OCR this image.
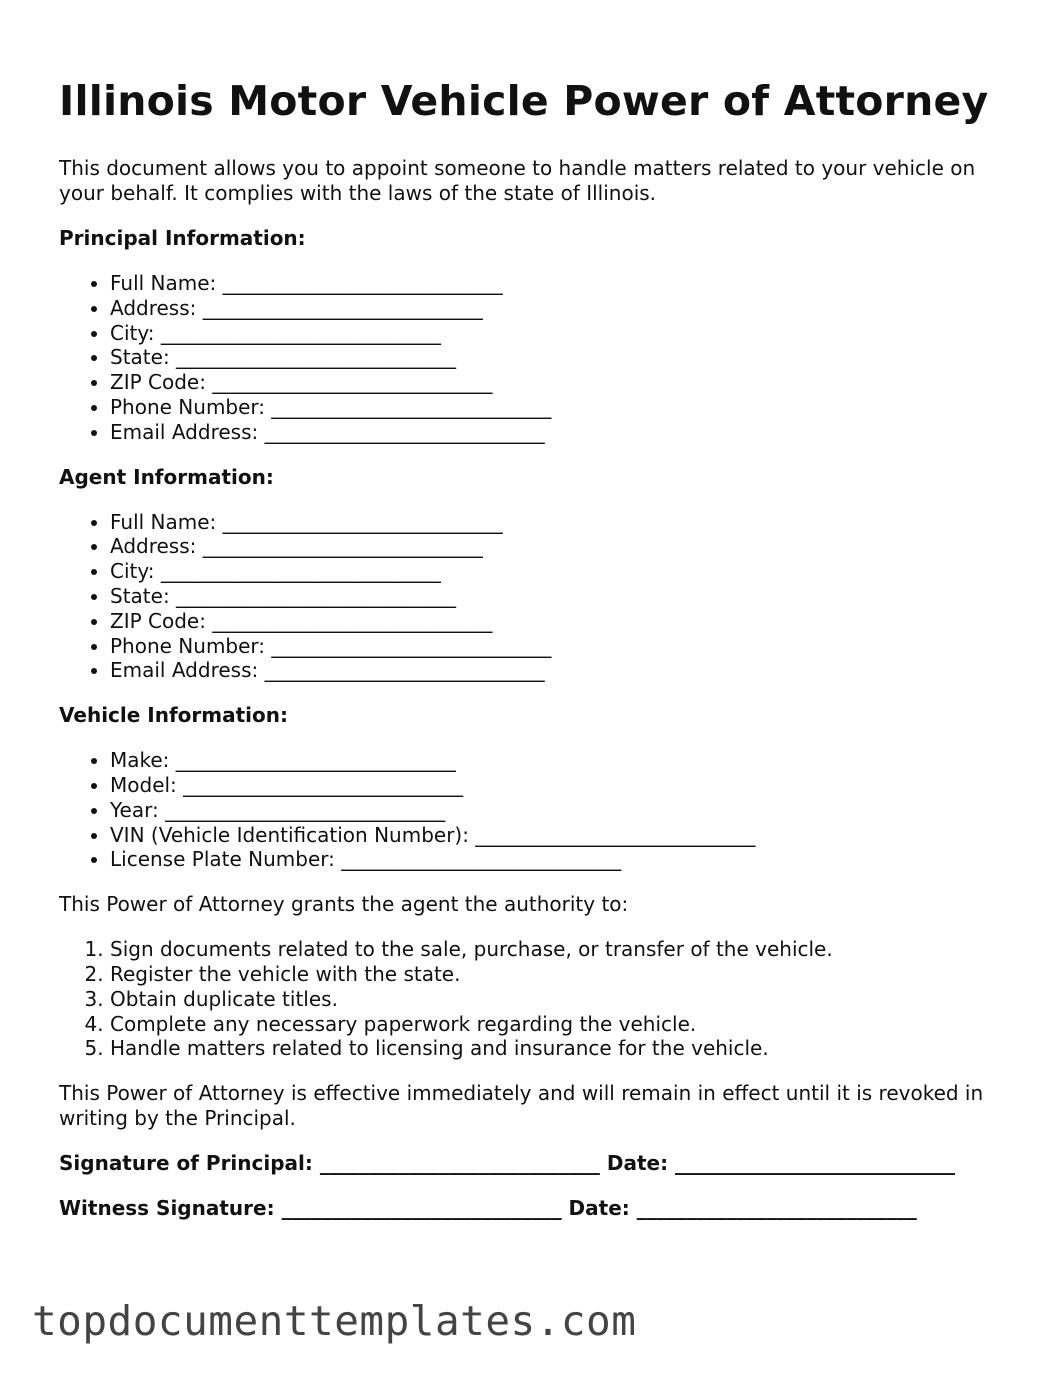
Illinois Motor Vehicle Power of Attorney

This document allows you to appoint someone to handle matters related to your vehicle on your behalf. It complies with the laws of the state of Illinois.

Principal Information:
• Full Name: ____________________________
• Address: ____________________________
• City: ____________________________
• State: ____________________________
• ZIP Code: ____________________________
• Phone Number: ____________________________
• Email Address: ____________________________
Agent Information:
• Full Name: ____________________________
• Address: ____________________________
• City: ____________________________
• State: ____________________________
• ZIP Code: ____________________________
• Phone Number: ____________________________
• Email Address: ____________________________
Vehicle Information:
• Make: ____________________________
• Model: ____________________________
• Year: ____________________________
• VIN (Vehicle Identification Number): ____________________________
• License Plate Number: ____________________________

This Power of Attorney grants the agent the authority to:

1. Sign documents related to the sale, purchase, or transfer of the vehicle.
2. Register the vehicle with the state.
3. Obtain duplicate titles.
4. Complete any necessary paperwork regarding the vehicle.
5. Handle matters related to licensing and insurance for the vehicle.

This Power of Attorney is effective immediately and will remain in effect until it is revoked in writing by the Principal.

Signature of Principal: ____________________________ Date: ____________________________
Witness Signature: ____________________________ Date: ____________________________
topdocumenttemplates.com
